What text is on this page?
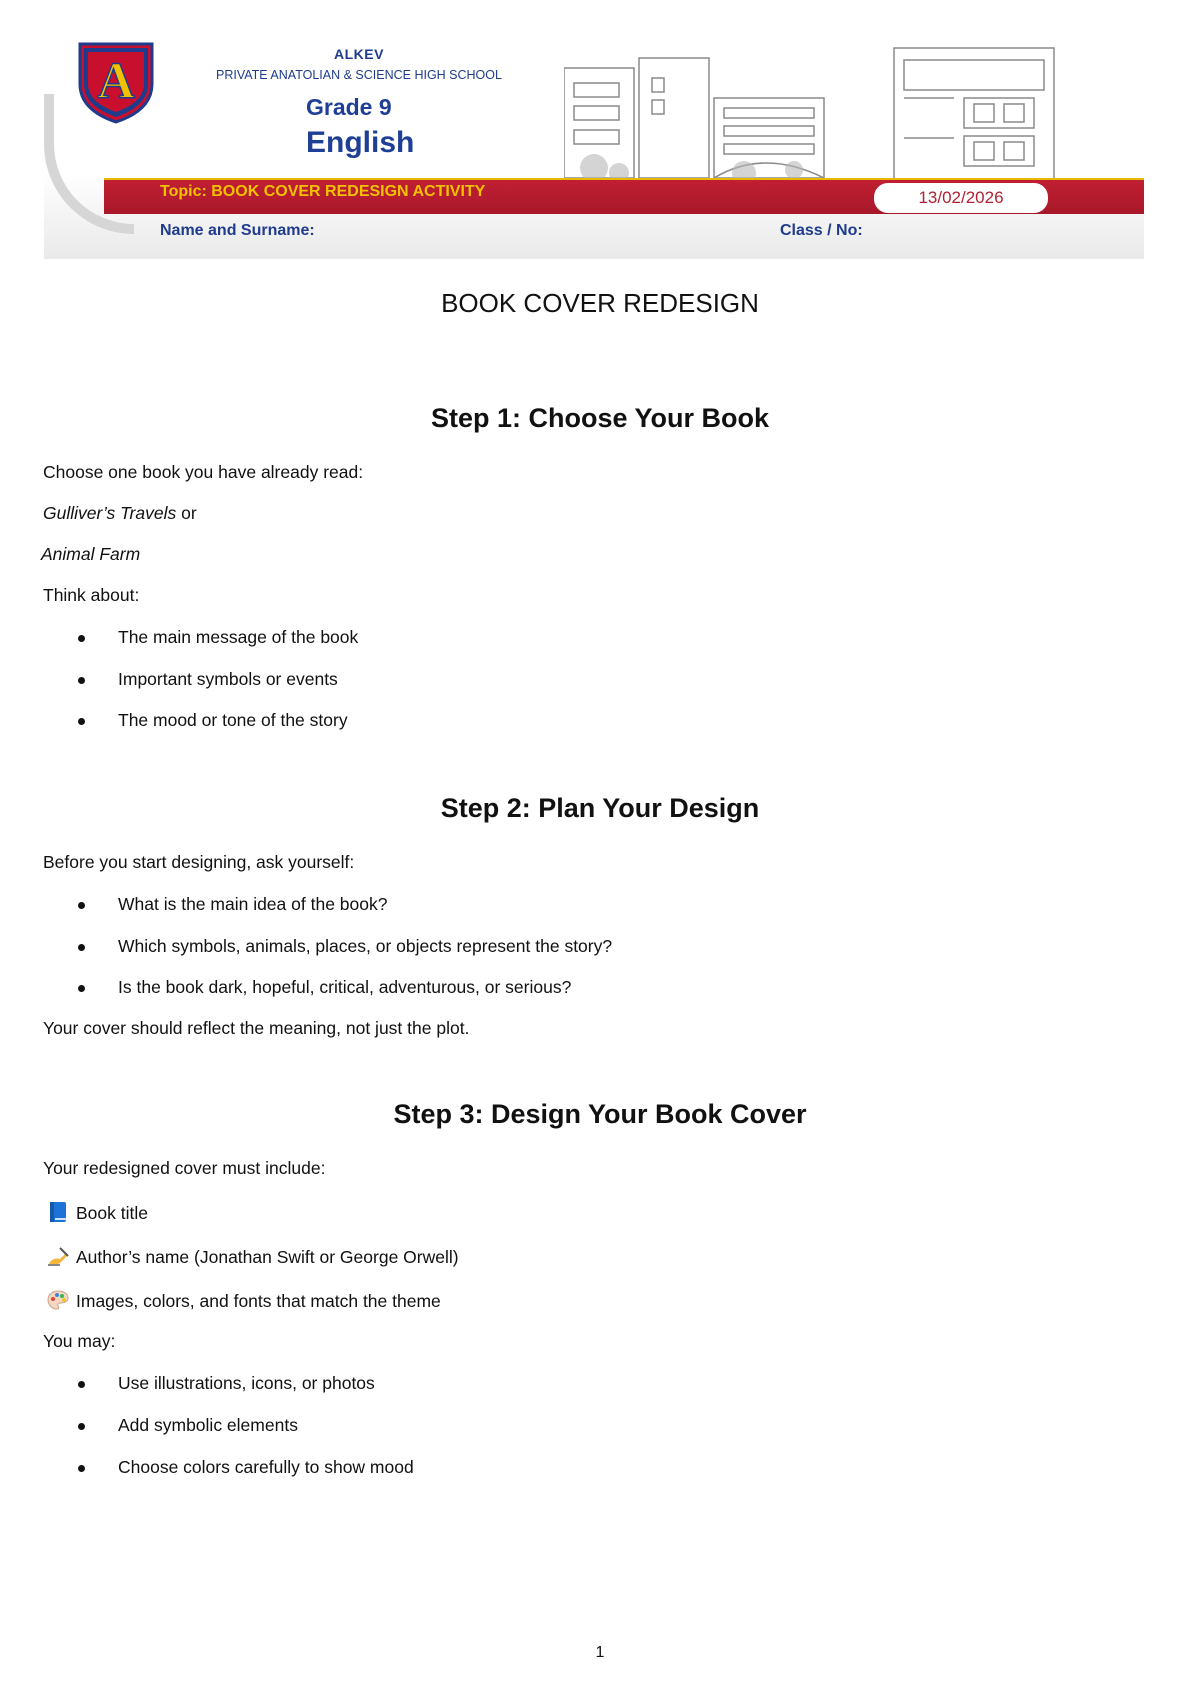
A	ALKEV
PRIVATE ANATOLIAN & SCIENCE HIGH SCHOOL
Grade 9
English
Topic: BOOK COVER REDESIGN ACTIVITY	13/02/2026
Name and Surname:	Class / No:
BOOK COVER REDESIGN
Step 1: Choose Your Book
Choose one book you have already read:
Gulliver’s Travels or
Animal Farm
Think about:
The main message of the book
Important symbols or events
The mood or tone of the story
Step 2: Plan Your Design
Before you start designing, ask yourself:
What is the main idea of the book?
Which symbols, animals, places, or objects represent the story?
Is the book dark, hopeful, critical, adventurous, or serious?
Your cover should reflect the meaning, not just the plot.
Step 3: Design Your Book Cover
Your redesigned cover must include:
Book title
Author’s name (Jonathan Swift or George Orwell)
Images, colors, and fonts that match the theme
You may:
Use illustrations, icons, or photos
Add symbolic elements
Choose colors carefully to show mood
1
